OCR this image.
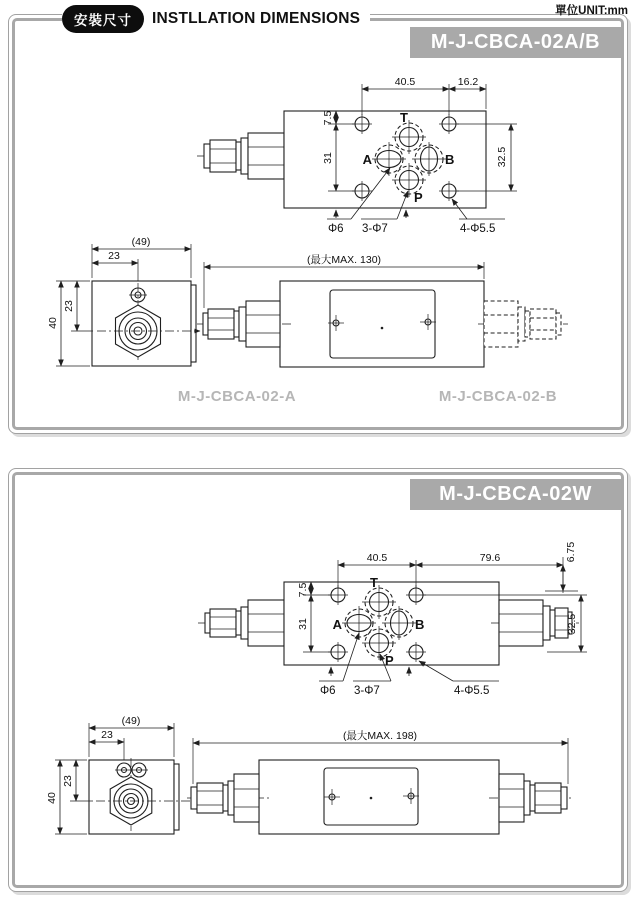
安裝尺寸	INSTLLATION DIMENSIONS	單位UNIT:mm
M-J-CBCA-02A/B
T
A	B
P
40.5	16.2
7.5
31	32.5
Φ6 3-Φ7	4-Φ5.5
(49)
23
40
23
(最大MAX. 130)
M-J-CBCA-02-A	M-J-CBCA-02-B
M-J-CBCA-02W
T
A	B
P
40.5	79.6	6.75
7.5
31	32.5
Φ6 3-Φ7	4-Φ5.5
(49)
23
40
23
(最大MAX. 198)
